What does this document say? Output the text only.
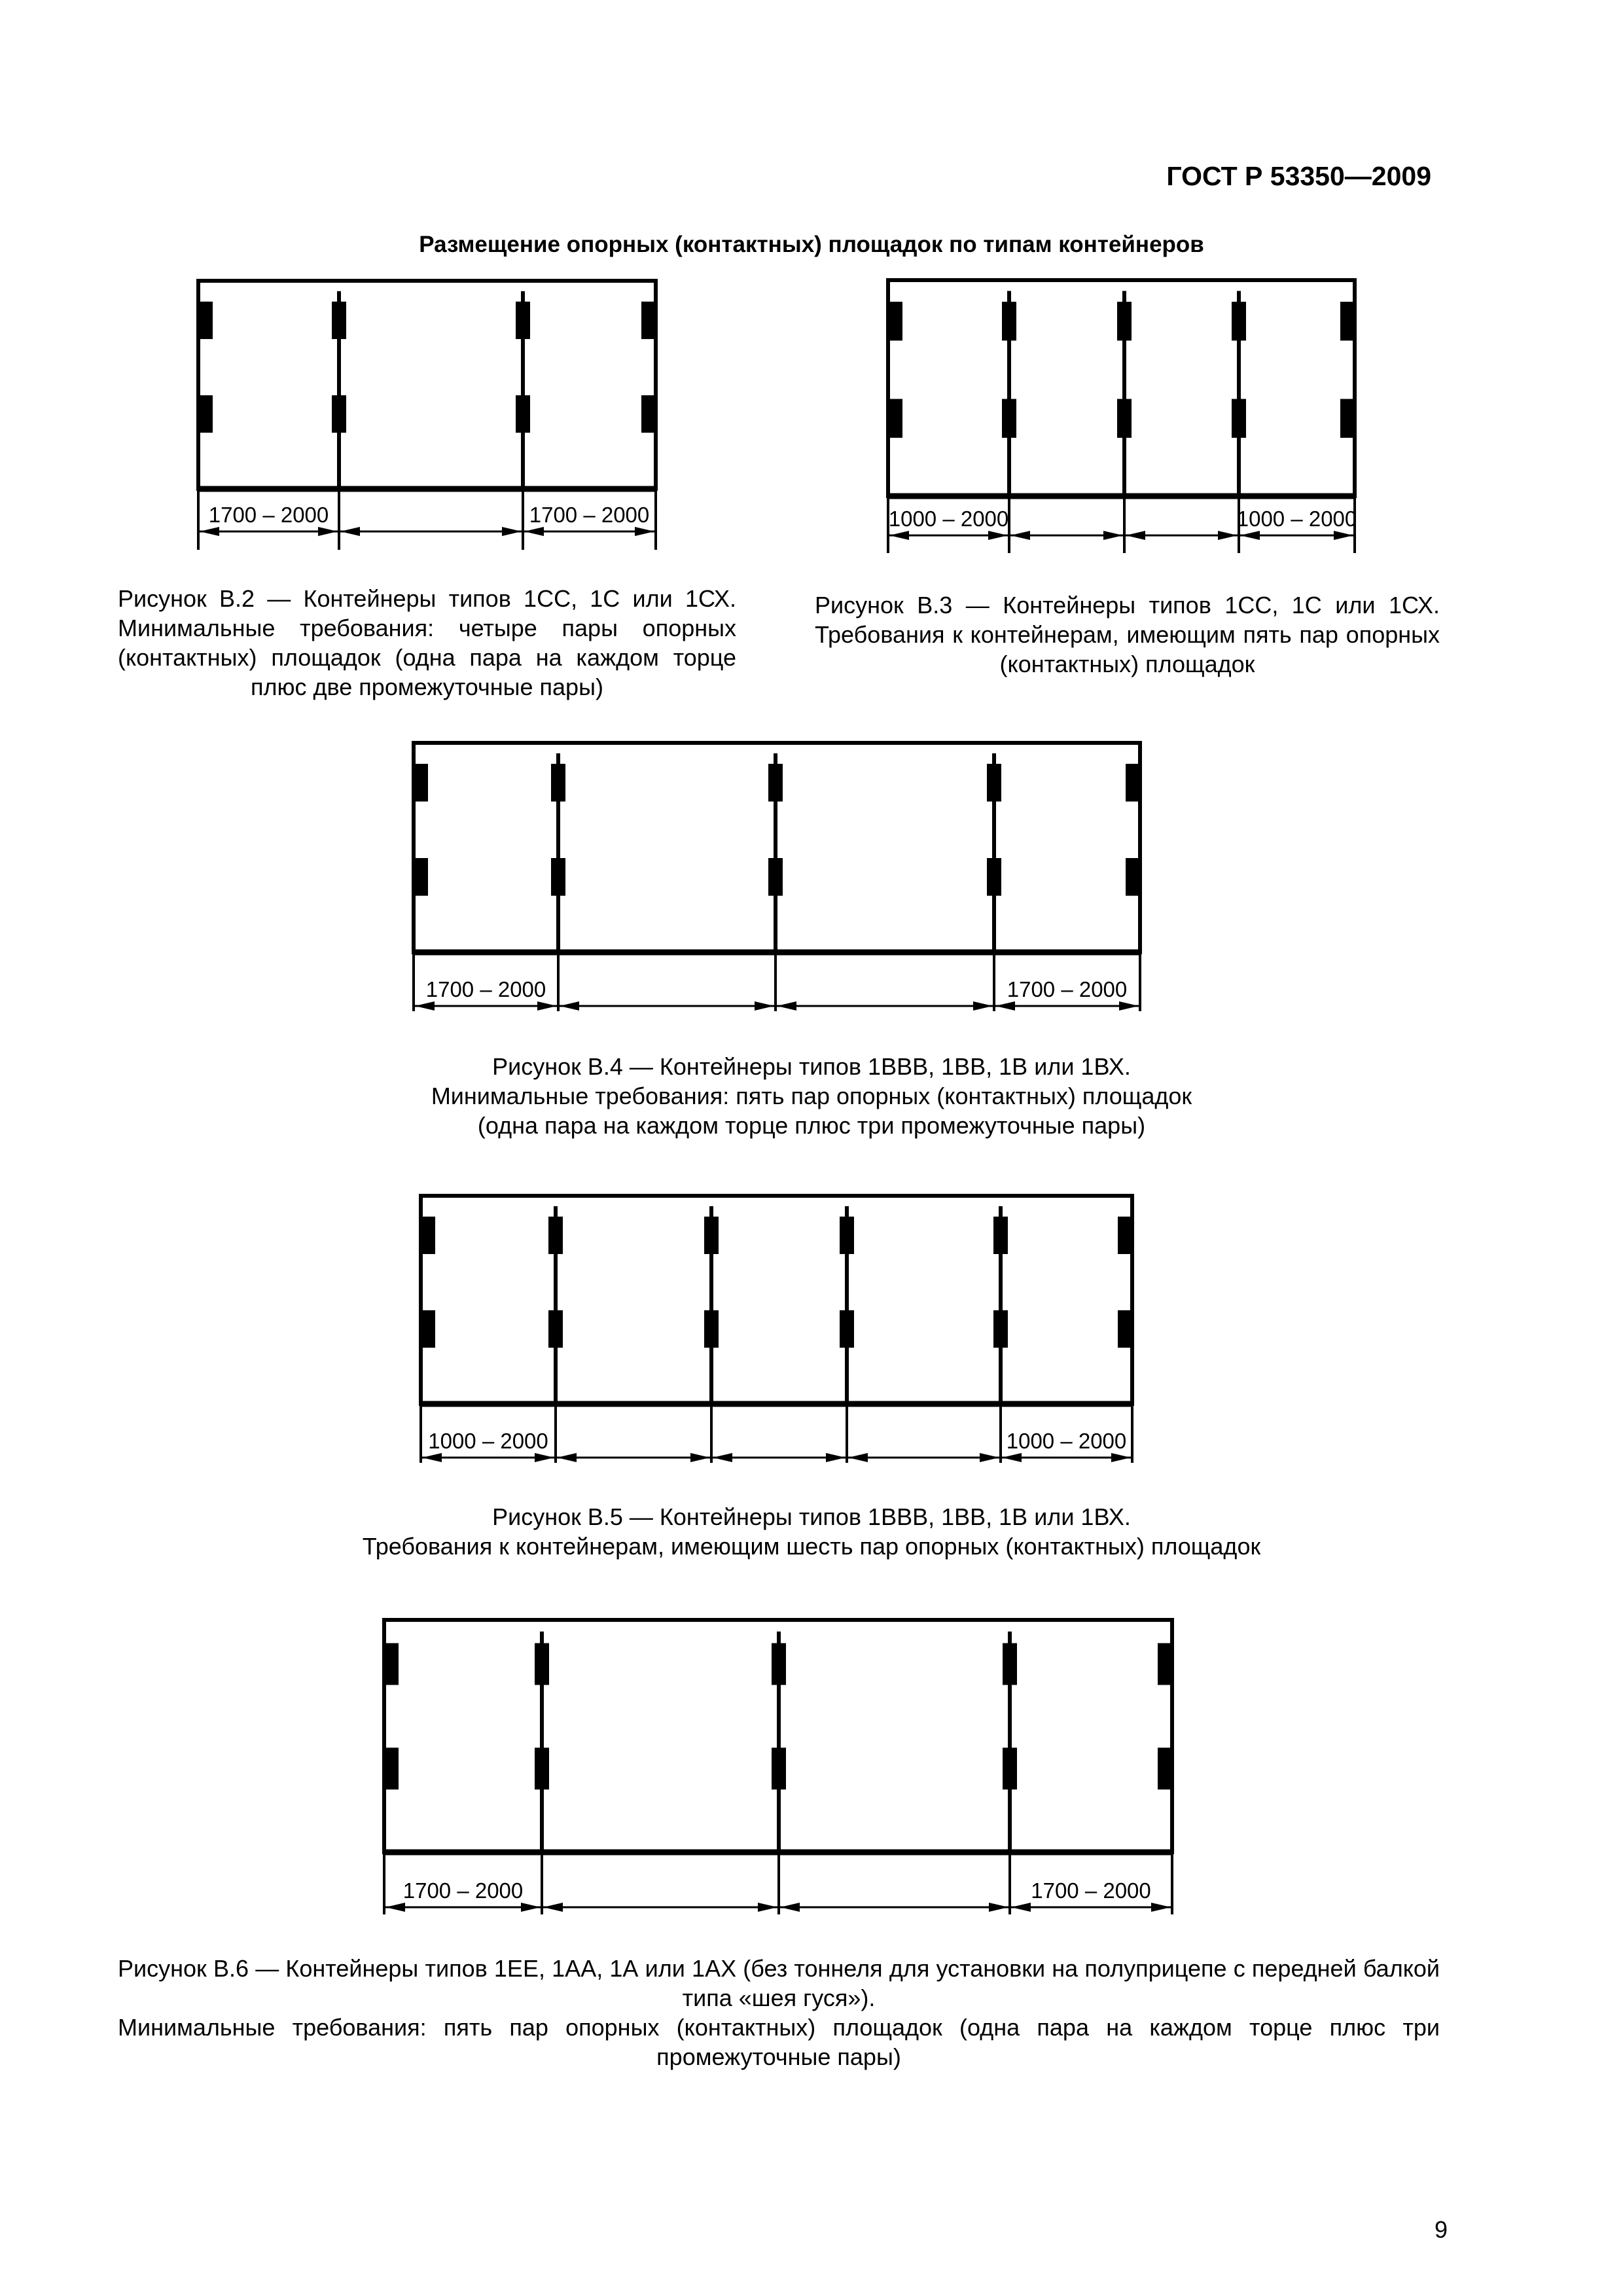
ГОСТ Р 53350—2009
Размещение опорных (контактных) площадок по типам контейнеров
1700 – 2000	1700 – 2000
Рисунок В.2 — Контейнеры типов 1СС, 1С или 1СХ. Минимальные требования: четыре пары опорных (контактных) площадок (одна пара на каждом торце плюс две промежуточные пары)
1000 – 2000	1000 – 2000
Рисунок В.3 — Контейнеры типов 1СС, 1С или 1СХ. Требования к контейнерам, имеющим пять пар опорных (контактных) площадок
1700 – 2000	1700 – 2000
Рисунок В.4 — Контейнеры типов 1ВВВ, 1ВВ, 1В или 1ВХ.
Минимальные требования: пять пар опорных (контактных) площадок
(одна пара на каждом торце плюс три промежуточные пары)
1000 – 2000	1000 – 2000
Рисунок В.5 — Контейнеры типов 1ВВВ, 1ВВ, 1В или 1ВХ.
Требования к контейнерам, имеющим шесть пар опорных (контактных) площадок
1700 – 2000	1700 – 2000
Рисунок В.6 — Контейнеры типов 1ЕЕ, 1АА, 1А или 1АХ (без тоннеля для установки на полуприцепе с передней балкой типа «шея гуся»).
Минимальные требования: пять пар опорных (контактных) площадок (одна пара на каждом торце плюс три промежуточные пары)
9
